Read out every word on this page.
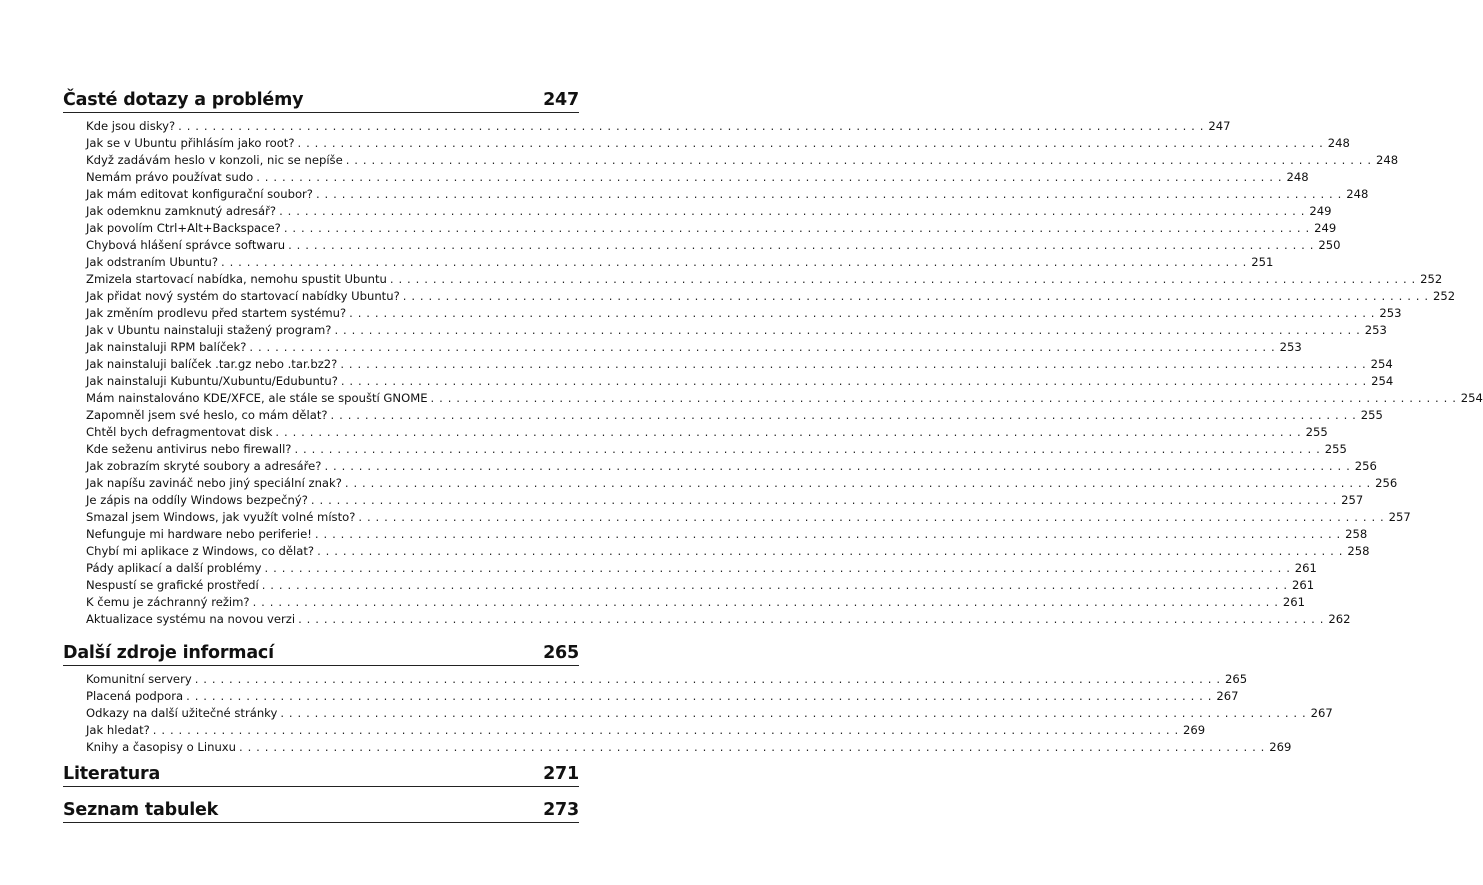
Časté dotazy a problémy	247
Kde jsou disky? ........................................................................................................................ 247
Jak se v Ubuntu přihlásím jako root? ........................................................................................................................ 248
Když zadávám heslo v konzoli, nic se nepíše ........................................................................................................................ 248
Nemám právo používat sudo ........................................................................................................................ 248
Jak mám editovat konfigurační soubor? ........................................................................................................................ 248
Jak odemknu zamknutý adresář? ........................................................................................................................ 249
Jak povolím Ctrl+Alt+Backspace? ........................................................................................................................ 249
Chybová hlášení správce softwaru ........................................................................................................................ 250
Jak odstraním Ubuntu? ........................................................................................................................ 251
Zmizela startovací nabídka, nemohu spustit Ubuntu ........................................................................................................................ 252
Jak přidat nový systém do startovací nabídky Ubuntu? ........................................................................................................................ 252
Jak změním prodlevu před startem systému? ........................................................................................................................ 253
Jak v Ubuntu nainstaluji stažený program? ........................................................................................................................ 253
Jak nainstaluji RPM balíček? ........................................................................................................................ 253
Jak nainstaluji balíček .tar.gz nebo .tar.bz2? ........................................................................................................................ 254
Jak nainstaluji Kubuntu/Xubuntu/Edubuntu? ........................................................................................................................ 254
Mám nainstalováno KDE/XFCE, ale stále se spouští GNOME ........................................................................................................................ 254
Zapomněl jsem své heslo, co mám dělat? ........................................................................................................................ 255
Chtěl bych defragmentovat disk ........................................................................................................................ 255
Kde seženu antivirus nebo firewall? ........................................................................................................................ 255
Jak zobrazím skryté soubory a adresáře? ........................................................................................................................ 256
Jak napíšu zavináč nebo jiný speciální znak? ........................................................................................................................ 256
Je zápis na oddíly Windows bezpečný? ........................................................................................................................ 257
Smazal jsem Windows, jak využít volné místo? ........................................................................................................................ 257
Nefunguje mi hardware nebo periferie! ........................................................................................................................ 258
Chybí mi aplikace z Windows, co dělat? ........................................................................................................................ 258
Pády aplikací a další problémy ........................................................................................................................ 261
Nespustí se grafické prostředí ........................................................................................................................ 261
K čemu je záchranný režim? ........................................................................................................................ 261
Aktualizace systému na novou verzi ........................................................................................................................ 262
Další zdroje informací	265
Komunitní servery ........................................................................................................................ 265
Placená podpora ........................................................................................................................ 267
Odkazy na další užitečné stránky ........................................................................................................................ 267
Jak hledat? ........................................................................................................................ 269
Knihy a časopisy o Linuxu ........................................................................................................................ 269
Literatura	271
Seznam tabulek	273
